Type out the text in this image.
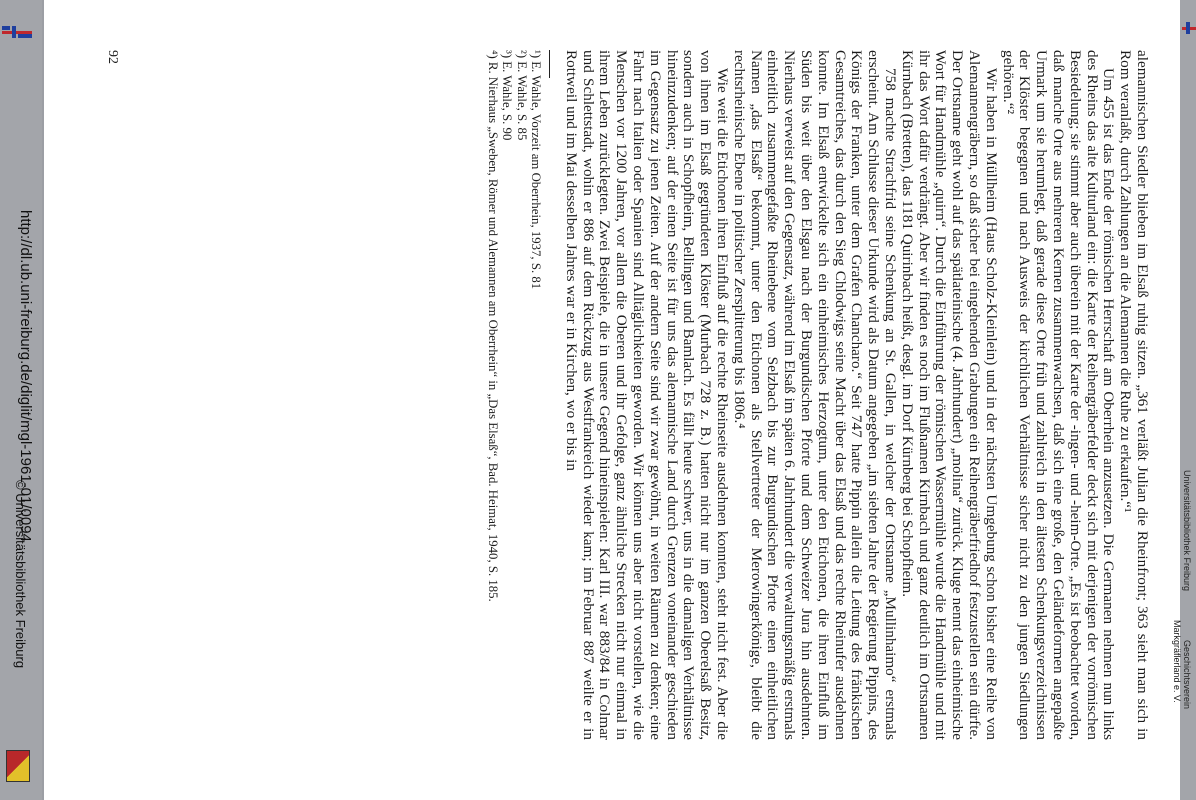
alemannischen Siedler blieben im Elsaß ruhig sitzen. „361 verläßt Julian die Rheinfront; 363 sieht man sich in Rom veranlaßt, durch Zahlungen an die Alemannen die Ruhe zu erkaufen.“¹

Um 455 ist das Ende der römischen Herrschaft am Oberrhein anzusetzen. Die Germanen nehmen nun links des Rheins das alte Kulturland ein: die Karte der Reihengräberfelder deckt sich mit derjenigen der vorrömischen Besiedelung; sie stimmt aber auch überein mit der Karte der -ingen- und -heim-Orte. „Es ist beobachtet worden, daß manche Orte aus mehreren Kernen zusammenwachsen, daß sich eine große, den Geländeformen angepaßte Urmark um sie herumlegt, daß gerade diese Orte früh und zahlreich in den ältesten Schenkungsverzeichnissen der Klöster begegnen und nach Ausweis der kirchlichen Verhältnisse sicher nicht zu den jungen Siedlungen gehören.“²

Wir haben in Müllheim (Haus Scholz-Kleinlein) und in der nächsten Umgebung schon bisher eine Reihe von Alemannengräbern, so daß sicher bei eingehenden Grabungen ein Reihengräberfriedhof festzustellen sein dürfte. Der Ortsname geht wohl auf das spätlateinische (4. Jahrhundert) „molina“ zurück. Kluge nennt das einheimische Wort für Handmühle „quirn“. Durch die Einführung der römischen Wassermühle wurde die Handmühle und mit ihr das Wort dafür verdrängt. Aber wir finden es noch im Flußnamen Kirnbach und ganz deutlich im Ortsnamen Kürnbach (Bretten), das 1181 Quirinbach heißt, desgl. im Dorf Kürnberg bei Schopfheim.

758 machte Strachfrid seine Schenkung an St. Gallen, in welcher der Ortsname „Mullinhaimo“ erstmals erscheint. Am Schlusse dieser Urkunde wird als Datum angegeben „im siebten Jahre der Regierung Pippins, des Königs der Franken, unter dem Grafen Chancharo.“ Seit 747 hatte Pippin allein die Leitung des fränkischen Gesamtreiches, das durch den Sieg Chlodwigs seine Macht über das Elsaß und das rechte Rheinufer ausdehnen konnte. Im Elsaß entwickelte sich ein einheimisches Herzogtum, unter den Etichonen, die ihren Einfluß im Süden bis weit über den Elsgau nach der Burgundischen Pforte und dem Schweizer Jura hin ausdehnten. Nierhaus verweist auf den Gegensatz, während im Elsaß im späten 6. Jahrhundert die verwaltungsmäßig erstmals einheitlich zusammengefaßte Rheinebene vom Selzbach bis zur Burgundischen Pforte einen einheitlichen Namen „das Elsaß“ bekommt, unter den Etichonen als Stellvertreter der Merowingerkönige, bleibt die rechtsrheinische Ebene in politischer Zersplitterung bis 1806.⁴

Wie weit die Etichonen ihren Einfluß auf die rechte Rheinseite ausdehnen konnten, steht nicht fest. Aber die von ihnen im Elsaß gegründeten Klöster (Murbach 728 z. B.) hatten nicht nur im ganzen Oberelsaß Besitz, sondern auch in Schopfheim, Bellingen und Bamlach. Es fällt heute schwer, uns in die damaligen Verhältnisse hineinzudenken; auf der einen Seite ist für uns das alemannische Land durch Grenzen voneinander geschieden im Gegensatz zu jenen Zeiten. Auf der andern Seite sind wir zwar gewöhnt, in weiten Räumen zu denken; eine Fahrt nach Italien oder Spanien sind Alltäglichkeiten geworden. Wir können uns aber nicht vorstellen, wie die Menschen vor 1200 Jahren, vor allem die Oberen und ihr Gefolge, ganz ähnliche Strecken nicht nur einmal in ihrem Leben zurücklegten. Zwei Beispiele, die in unsere Gegend hineinspielen: Karl III. war 883/84 in Colmar und Schlettstadt, wohin er 886 auf dem Rückzug aus Westfrankreich wieder kam; im Februar 887 weilte er in Rottweil und im Mai desselben Jahres war er in Kirchen, wo er bis in

¹) E. Wahle, Vorzeit am Oberrhein, 1937, S. 81

²) E. Wahle, S. 85

³) E. Wahle, S. 90

⁴) R. Nierhaus „Sweben, Römer und Alemannen am Oberrhein“ in „Das Elsaß“, Bad. Heimat, 1940, S. 185.

92
http://dl.ub.uni-freiburg.de/diglit/mgl-1961-01/0094
© Universitätsbibliothek Freiburg
Geschichtsverein
Markgräflerland e. V.
Universitätsbibliothek Freiburg
